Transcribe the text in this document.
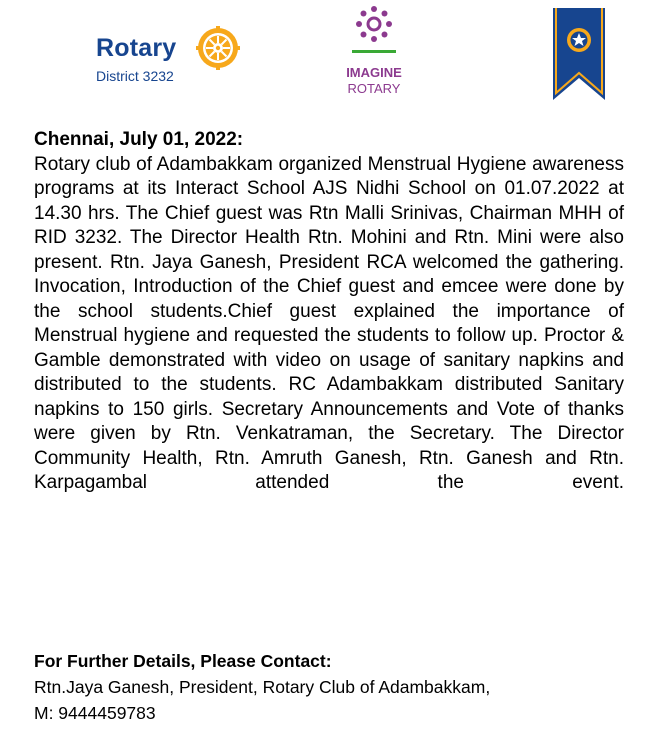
Rotary
District 3232	IMAGINE
ROTARY

Chennai, July 01, 2022:

Rotary club of Adambakkam organized Menstrual Hygiene awareness programs at its Interact School AJS Nidhi School on 01.07.2022 at 14.30 hrs. The Chief guest was Rtn Malli Srinivas, Chairman MHH of RID 3232. The Director Health Rtn. Mohini and Rtn. Mini were also present. Rtn. Jaya Ganesh, President RCA welcomed the gathering. Invocation, Introduction of the Chief guest and emcee were done by the school students.Chief guest explained the importance of Menstrual hygiene and requested the students to follow up. Proctor & Gamble demonstrated with video on usage of sanitary napkins and distributed to the students. RC Adambakkam distributed Sanitary napkins to 150 girls. Secretary Announcements and Vote of thanks were given by Rtn. Venkatraman, the Secretary. The Director Community Health, Rtn. Amruth Ganesh, Rtn. Ganesh and Rtn. Karpagambal attended the event.

For Further Details, Please Contact:

Rtn.Jaya Ganesh, President, Rotary Club of Adambakkam,

M: 9444459783
